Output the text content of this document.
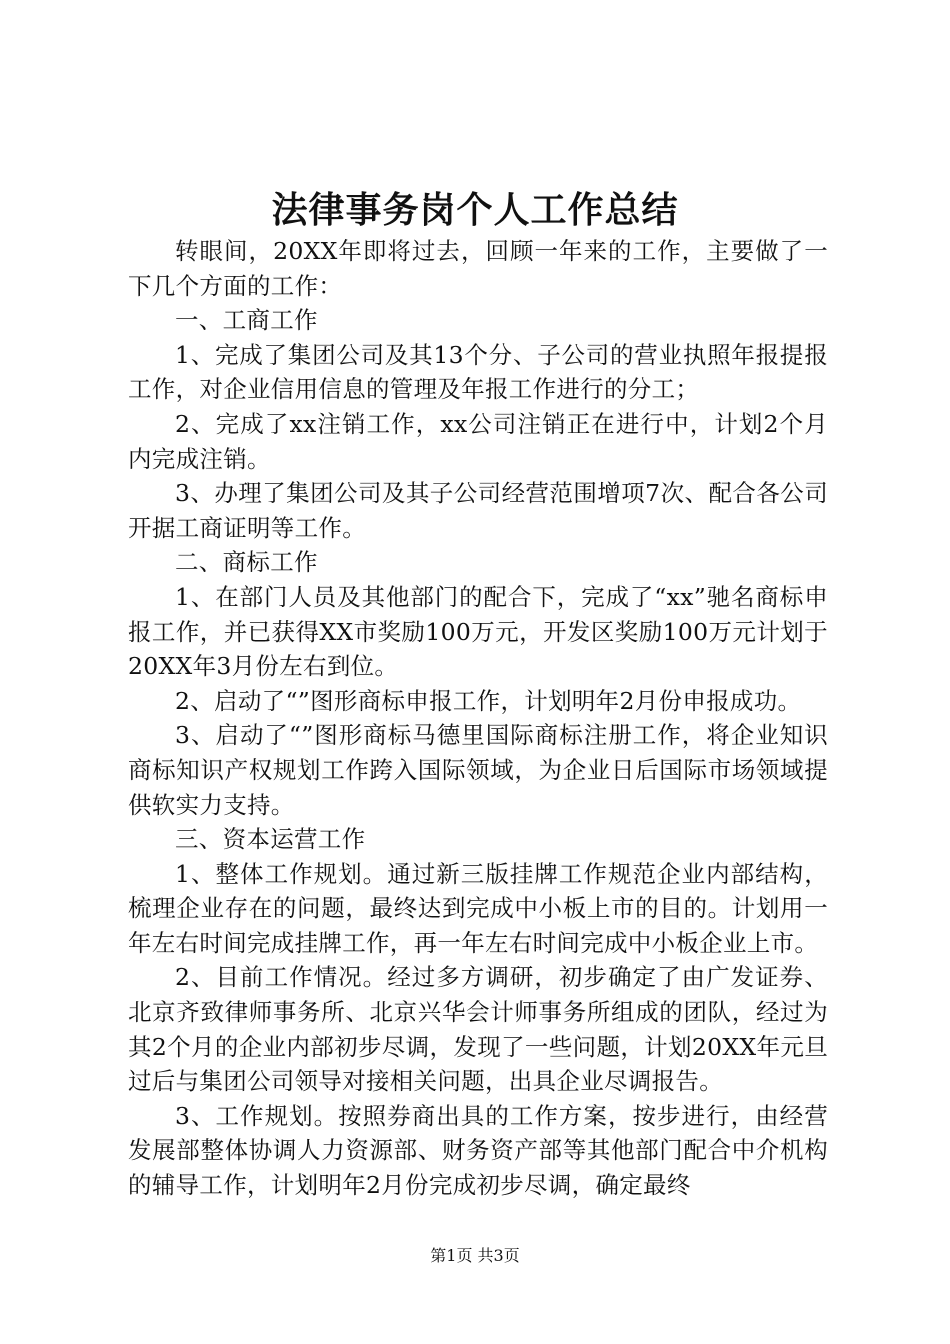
法律事务岗个人工作总结

转眼间，20XX年即将过去，回顾一年来的工作，主要做了一下几个方面的工作：

一、工商工作

1、完成了集团公司及其13个分、子公司的营业执照年报提报工作，对企业信用信息的管理及年报工作进行的分工；

2、完成了xx注销工作，xx公司注销正在进行中，计划2个月内完成注销。

3、办理了集团公司及其子公司经营范围增项7次、配合各公司开据工商证明等工作。

二、商标工作

1、在部门人员及其他部门的配合下，完成了“xx”驰名商标申报工作，并已获得XX市奖励100万元，开发区奖励100万元计划于20XX年3月份左右到位。

2、启动了“”图形商标申报工作，计划明年2月份申报成功。

3、启动了“”图形商标马德里国际商标注册工作，将企业知识商标知识产权规划工作跨入国际领域，为企业日后国际市场领域提供软实力支持。

三、资本运营工作

1、整体工作规划。通过新三版挂牌工作规范企业内部结构，梳理企业存在的问题，最终达到完成中小板上市的目的。计划用一年左右时间完成挂牌工作，再一年左右时间完成中小板企业上市。

2、目前工作情况。经过多方调研，初步确定了由广发证券、北京齐致律师事务所、北京兴华会计师事务所组成的团队，经过为其2个月的企业内部初步尽调，发现了一些问题，计划20XX年元旦过后与集团公司领导对接相关问题，出具企业尽调报告。

3、工作规划。按照券商出具的工作方案，按步进行，由经营发展部整体协调人力资源部、财务资产部等其他部门配合中介机构的辅导工作，计划明年2月份完成初步尽调，确定最终

第1页 共3页
